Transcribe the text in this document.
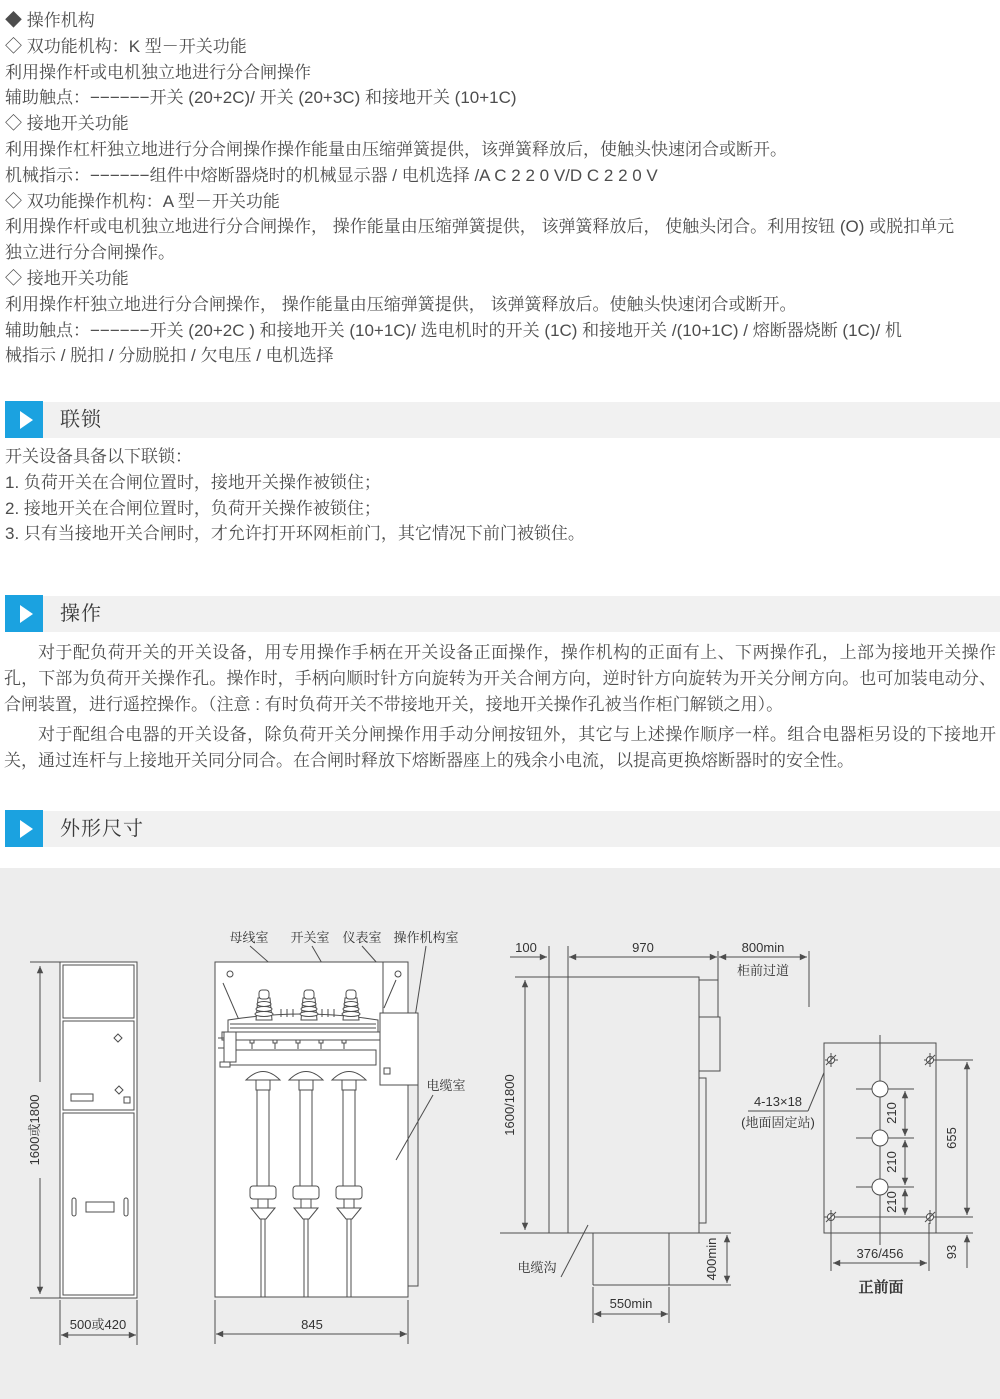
◆ 操作机构
◇ 双功能机构：K 型－开关功能
利用操作杆或电机独立地进行分合闸操作
辅助触点：−−−−−−开关 (20+2C)/ 开关 (20+3C) 和接地开关 (10+1C)
◇ 接地开关功能
利用操作杠杆独立地进行分合闸操作操作能量由压缩弹簧提供，该弹簧释放后，使触头快速闭合或断开。
机械指示：−−−−−−组件中熔断器烧时的机械显示器 / 电机选择 /A C 2 2 0 V/D C 2 2 0 V
◇ 双功能操作机构：A 型－开关功能
利用操作杆或电机独立地进行分合闸操作， 操作能量由压缩弹簧提供， 该弹簧释放后， 使触头闭合。利用按钮 (O) 或脱扣单元
独立进行分合闸操作。
◇ 接地开关功能
利用操作杆独立地进行分合闸操作， 操作能量由压缩弹簧提供， 该弹簧释放后。使触头快速闭合或断开。
辅助触点：−−−−−−开关 (20+2C ) 和接地开关 (10+1C)/ 选电机时的开关 (1C) 和接地开关 /(10+1C) / 熔断器烧断 (1C)/ 机
械指示 / 脱扣 / 分励脱扣 / 欠电压 / 电机选择
联锁
开关设备具备以下联锁：
1. 负荷开关在合闸位置时，接地开关操作被锁住；
2. 接地开关在合闸位置时，负荷开关操作被锁住；
3. 只有当接地开关合闸时，才允许打开环网柜前门，其它情况下前门被锁住。
操作

对于配负荷开关的开关设备，用专用操作手柄在开关设备正面操作，操作机构的正面有上、下两操作孔，上部为接地开关操作孔，下部为负荷开关操作孔。操作时，手柄向顺时针方向旋转为开关合闸方向，逆时针方向旋转为开关分闸方向。也可加装电动分、合闸装置，进行遥控操作。（注意 : 有时负荷开关不带接地开关，接地开关操作孔被当作柜门解锁之用）。

对于配组合电器的开关设备，除负荷开关分闸操作用手动分闸按钮外，其它与上述操作顺序一样。组合电器柜另设的下接地开关，通过连杆与上接地开关同分同合。在合闸时释放下熔断器座上的残余小电流，以提高更换熔断器时的安全性。

外形尺寸
1600或1800
500或420
母线室 开关室 仪表室 操作机构室
电缆室
845
100	970	800min
柜前过道
1600/1800
400min
550min
电缆沟
4-13×18
(地面固定站)	210
210
210
655
93
376/456
正前面
